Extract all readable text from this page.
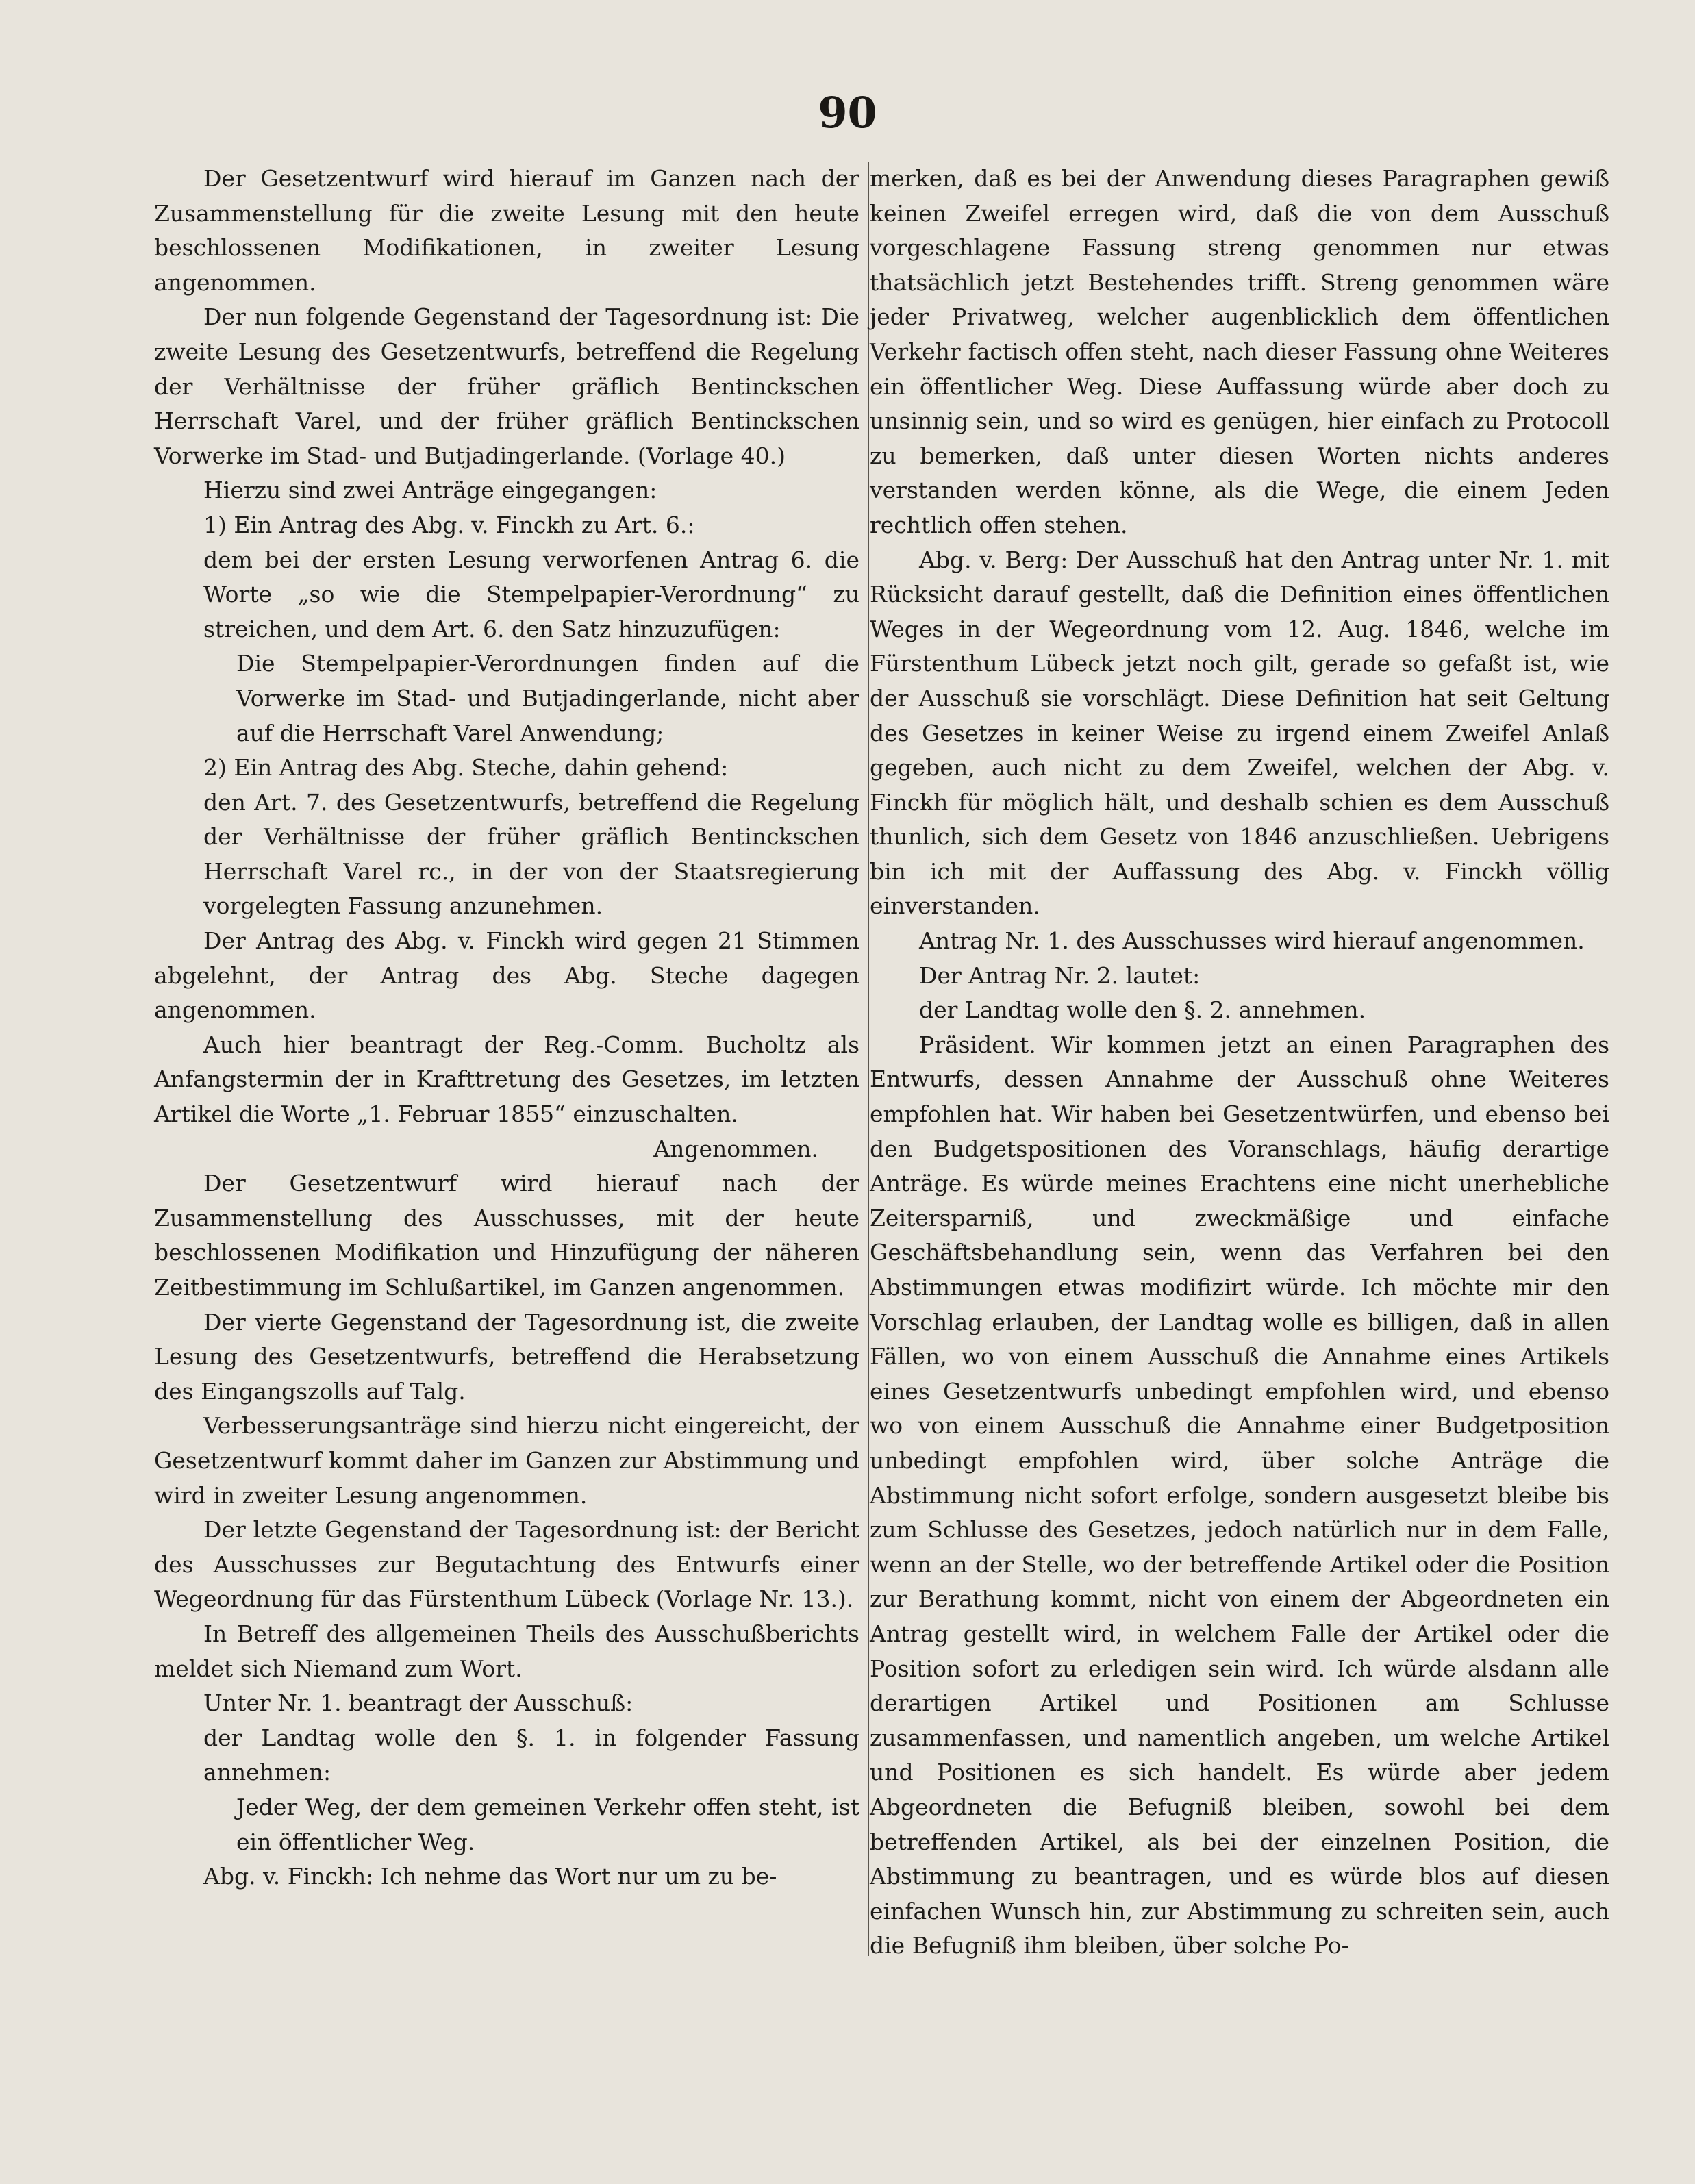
90

Der Gesetzentwurf wird hierauf im Ganzen nach der Zusammenstellung für die zweite Lesung mit den heute beschlossenen Modifikationen, in zweiter Lesung angenommen.

Der nun folgende Gegenstand der Tagesordnung ist: Die zweite Lesung des Gesetzentwurfs, betreffend die Regelung der Verhältnisse der früher gräflich Bentinckschen Herrschaft Varel, und der früher gräflich Bentinckschen Vorwerke im Stad- und Butjadingerlande. (Vorlage 40.)

Hierzu sind zwei Anträge eingegangen:

1) Ein Antrag des Abg. v. Finckh zu Art. 6.:

dem bei der ersten Lesung verworfenen Antrag 6. die Worte „so wie die Stempelpapier-Verordnung“ zu streichen, und dem Art. 6. den Satz hinzuzufügen:

Die Stempelpapier-Verordnungen finden auf die Vorwerke im Stad- und Butjadingerlande, nicht aber auf die Herrschaft Varel Anwendung;

2) Ein Antrag des Abg. Steche, dahin gehend:

den Art. 7. des Gesetzentwurfs, betreffend die Regelung der Verhältnisse der früher gräflich Bentinckschen Herrschaft Varel rc., in der von der Staatsregierung vorgelegten Fassung anzunehmen.

Der Antrag des Abg. v. Finckh wird gegen 21 Stimmen abgelehnt, der Antrag des Abg. Steche dagegen angenommen.

Auch hier beantragt der Reg.-Comm. Bucholtz als Anfangstermin der in Krafttretung des Gesetzes, im letzten Artikel die Worte „1. Februar 1855“ einzuschalten.

Angenommen.

Der Gesetzentwurf wird hierauf nach der Zusammenstellung des Ausschusses, mit der heute beschlossenen Modifikation und Hinzufügung der näheren Zeitbestimmung im Schlußartikel, im Ganzen angenommen.

Der vierte Gegenstand der Tagesordnung ist, die zweite Lesung des Gesetzentwurfs, betreffend die Herabsetzung des Eingangszolls auf Talg.

Verbesserungsanträge sind hierzu nicht eingereicht, der Gesetzentwurf kommt daher im Ganzen zur Abstimmung und wird in zweiter Lesung angenommen.

Der letzte Gegenstand der Tagesordnung ist: der Bericht des Ausschusses zur Begutachtung des Entwurfs einer Wegeordnung für das Fürstenthum Lübeck (Vorlage Nr. 13.).

In Betreff des allgemeinen Theils des Ausschußberichts meldet sich Niemand zum Wort.

Unter Nr. 1. beantragt der Ausschuß:

der Landtag wolle den §. 1. in folgender Fassung annehmen:

Jeder Weg, der dem gemeinen Verkehr offen steht, ist ein öffentlicher Weg.

Abg. v. Finckh: Ich nehme das Wort nur um zu be-

merken, daß es bei der Anwendung dieses Paragraphen gewiß keinen Zweifel erregen wird, daß die von dem Ausschuß vorgeschlagene Fassung streng genommen nur etwas thatsächlich jetzt Bestehendes trifft. Streng genommen wäre jeder Privatweg, welcher augenblicklich dem öffentlichen Verkehr factisch offen steht, nach dieser Fassung ohne Weiteres ein öffentlicher Weg. Diese Auffassung würde aber doch zu unsinnig sein, und so wird es genügen, hier einfach zu Protocoll zu bemerken, daß unter diesen Worten nichts anderes verstanden werden könne, als die Wege, die einem Jeden rechtlich offen stehen.

Abg. v. Berg: Der Ausschuß hat den Antrag unter Nr. 1. mit Rücksicht darauf gestellt, daß die Definition eines öffentlichen Weges in der Wegeordnung vom 12. Aug. 1846, welche im Fürstenthum Lübeck jetzt noch gilt, gerade so gefaßt ist, wie der Ausschuß sie vorschlägt. Diese Definition hat seit Geltung des Gesetzes in keiner Weise zu irgend einem Zweifel Anlaß gegeben, auch nicht zu dem Zweifel, welchen der Abg. v. Finckh für möglich hält, und deshalb schien es dem Ausschuß thunlich, sich dem Gesetz von 1846 anzuschließen. Uebrigens bin ich mit der Auffassung des Abg. v. Finckh völlig einverstanden.

Antrag Nr. 1. des Ausschusses wird hierauf angenommen.

Der Antrag Nr. 2. lautet:

der Landtag wolle den §. 2. annehmen.

Präsident. Wir kommen jetzt an einen Paragraphen des Entwurfs, dessen Annahme der Ausschuß ohne Weiteres empfohlen hat. Wir haben bei Gesetzentwürfen, und ebenso bei den Budgetspositionen des Voranschlags, häufig derartige Anträge. Es würde meines Erachtens eine nicht unerhebliche Zeitersparniß, und zweckmäßige und einfache Geschäftsbehandlung sein, wenn das Verfahren bei den Abstimmungen etwas modifizirt würde. Ich möchte mir den Vorschlag erlauben, der Landtag wolle es billigen, daß in allen Fällen, wo von einem Ausschuß die Annahme eines Artikels eines Gesetzentwurfs unbedingt empfohlen wird, und ebenso wo von einem Ausschuß die Annahme einer Budgetposition unbedingt empfohlen wird, über solche Anträge die Abstimmung nicht sofort erfolge, sondern ausgesetzt bleibe bis zum Schlusse des Gesetzes, jedoch natürlich nur in dem Falle, wenn an der Stelle, wo der betreffende Artikel oder die Position zur Berathung kommt, nicht von einem der Abgeordneten ein Antrag gestellt wird, in welchem Falle der Artikel oder die Position sofort zu erledigen sein wird. Ich würde alsdann alle derartigen Artikel und Positionen am Schlusse zusammenfassen, und namentlich angeben, um welche Artikel und Positionen es sich handelt. Es würde aber jedem Abgeordneten die Befugniß bleiben, sowohl bei dem betreffenden Artikel, als bei der einzelnen Position, die Abstimmung zu beantragen, und es würde blos auf diesen einfachen Wunsch hin, zur Abstimmung zu schreiten sein, auch die Befugniß ihm bleiben, über solche Po-
